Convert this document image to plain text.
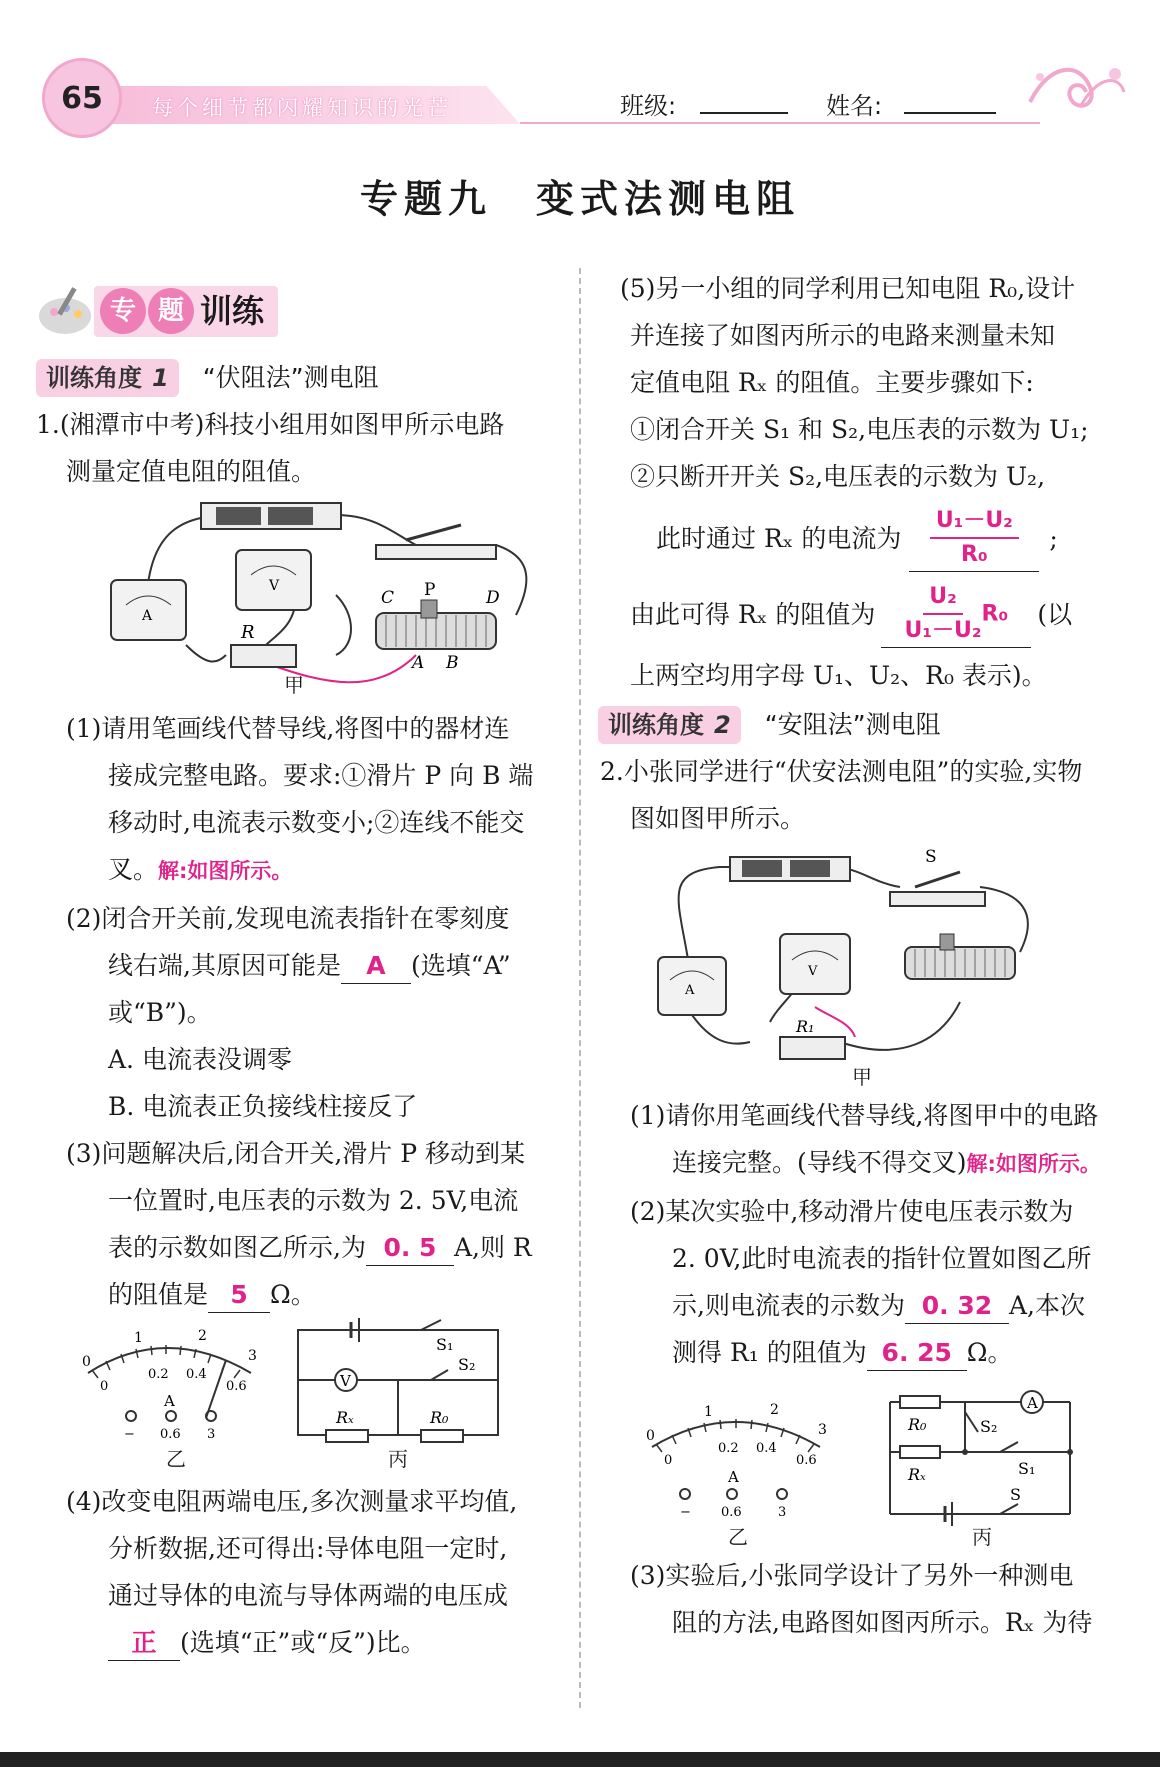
65	每个细节都闪耀知识的光芒	班级:	姓名:
专题九　变式法测电阻
专 题 训练

训练角度 1 “伏阻法”测电阻

1.(湘潭市中考)科技小组用如图甲所示电路

测量定值电阻的阻值。

A
V
R
C P	D
A B
甲

(1)请用笔画线代替导线,将图中的器材连

接成完整电路。要求:①滑片 P 向 B 端

移动时,电流表示数变小;②连线不能交

叉。解:如图所示。

(2)闭合开关前,发现电流表指针在零刻度

线右端,其原因可能是 A (选填“A”

或“B”)。

A. 电流表没调零

B. 电流表正负接线柱接反了

(3)问题解决后,闭合开关,滑片 P 移动到某

一位置时,电压表的示数为 2. 5V,电流

表的示数如图乙所示,为 0. 5 A,则 R

的阻值是 5 Ω。

0
1	2
3
0
0.2 0.4
0.6
A
− 0.6 3
V
S₁
S₂
Rₓ	R₀
乙	丙

(4)改变电阻两端电压,多次测量求平均值,

分析数据,还可得出:导体电阻一定时,

通过导体的电流与导体两端的电压成

正 (选填“正”或“反”)比。

(5)另一小组的同学利用已知电阻 R₀,设计

并连接了如图丙所示的电路来测量未知

定值电阻 Rₓ 的阻值。主要步骤如下:

①闭合开关 S₁ 和 S₂,电压表的示数为 U₁;

②只断开开关 S₂,电压表的示数为 U₂,

此时通过 Rₓ 的电流为 $\frac{\text{U₁－U₂}}{\text{R₀}}$ ;

由此可得 Rₓ 的阻值为 $\frac{\text{U₂}}{\text{U₁－U₂}} R_0$	(以

上两空均用字母 U₁、U₂、R₀ 表示)。

训练角度 2 “安阻法”测电阻

2.小张同学进行“伏安法测电阻”的实验,实物

图如图甲所示。

S
A
V
R₁
甲

(1)请你用笔画线代替导线,将图甲中的电路

连接完整。(导线不得交叉)解:如图所示。

(2)某次实验中,移动滑片使电压表示数为

2. 0V,此时电流表的指针位置如图乙所

示,则电流表的示数为 0. 32 A,本次

测得 R₁ 的阻值为 6. 25 Ω。

0
1	2
3
0
0.2 0.4
0.6
A
− 0.6	3
A
R₀	S₂
Rₓ	S₁
S
乙	丙

(3)实验后,小张同学设计了另外一种测电

阻的方法,电路图如图丙所示。Rₓ 为待
